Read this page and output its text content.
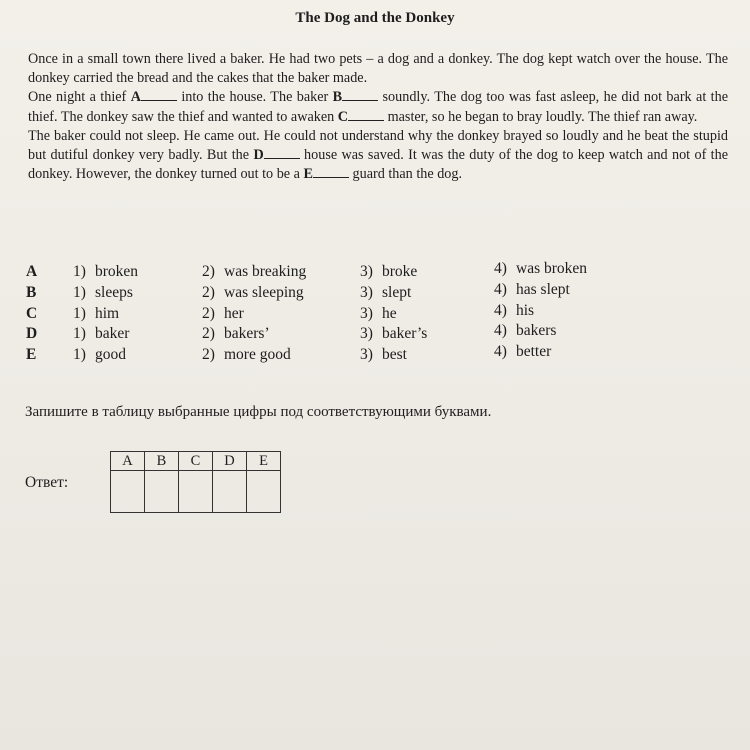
The Dog and the Donkey

Once in a small town there lived a baker. He had two pets – a dog and a donkey. The dog kept watch over the house. The donkey carried the bread and the cakes that the baker made.

One night a thief A	into the house. The baker B	soundly. The dog too was fast asleep, he did not bark at the thief. The donkey saw the thief and wanted to awaken C	master, so he began to bray loudly. The thief ran away.

The baker could not sleep. He came out. He could not understand why the donkey brayed so loudly and he beat the stupid but dutiful donkey very badly. But the D	house was saved. It was the duty of the dog to keep watch and not of the donkey. However, the donkey turned out to be a E	guard than the dog.

A	1) broken	2) was breaking	3) broke	4) was broken
B	1) sleeps	2) was sleeping	3) slept	4) has slept
C	1) him	2) her	3) he	4) his
D	1) baker	2) bakers’	3) baker’s	4) bakers
E	1) good	2) more good	3) best	4) better
Запишите в таблицу выбранные цифры под соответствующими буквами.
Ответ:
A	B	C	D	E
